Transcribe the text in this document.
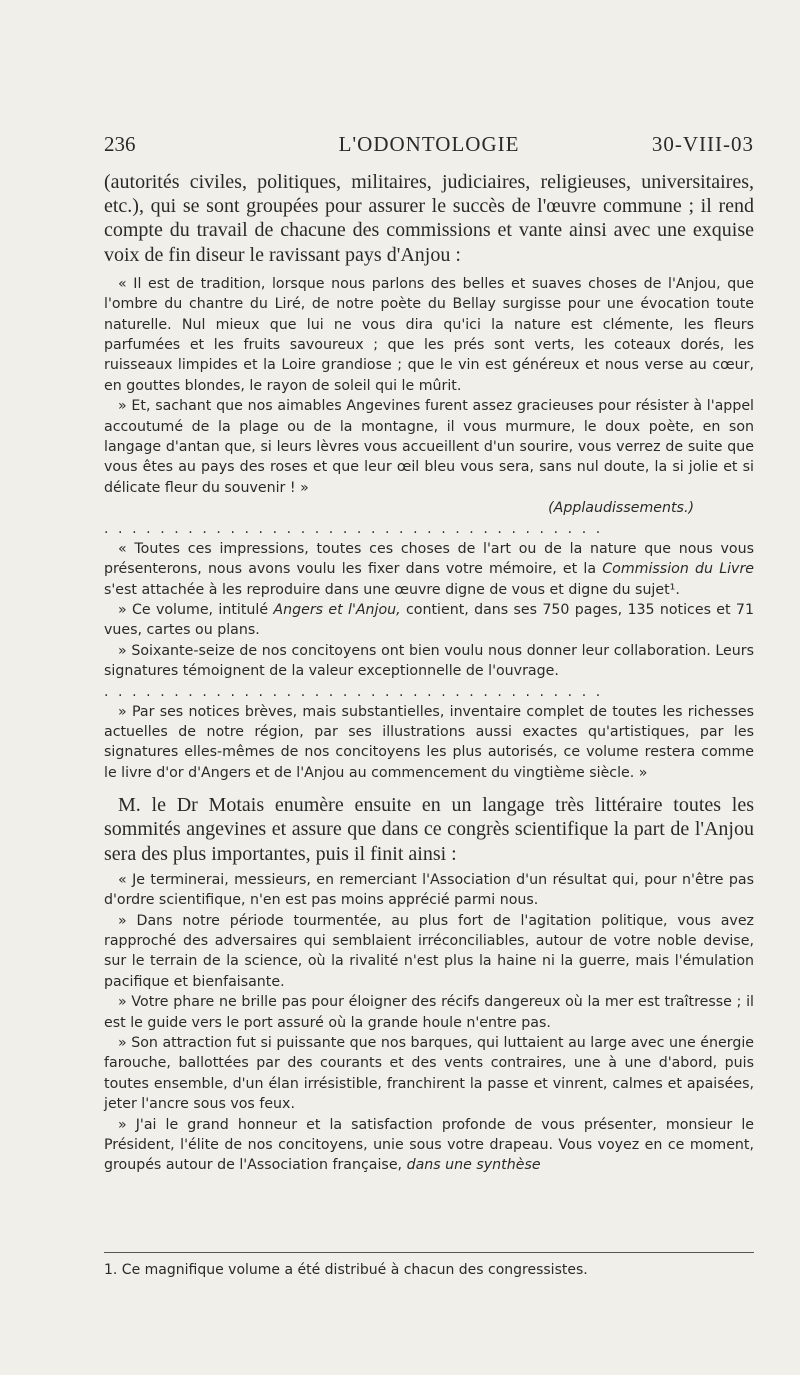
236	L'ODONTOLOGIE	30-VIII-03

(autorités civiles, politiques, militaires, judiciaires, religieuses, universitaires, etc.), qui se sont groupées pour assurer le succès de l'œuvre commune ; il rend compte du travail de chacune des commissions et vante ainsi avec une exquise voix de fin diseur le ravissant pays d'Anjou :

« Il est de tradition, lorsque nous parlons des belles et suaves choses de l'Anjou, que l'ombre du chantre du Liré, de notre poète du Bellay surgisse pour une évocation toute naturelle. Nul mieux que lui ne vous dira qu'ici la nature est clémente, les fleurs parfumées et les fruits savoureux ; que les prés sont verts, les coteaux dorés, les ruisseaux limpides et la Loire grandiose ; que le vin est généreux et nous verse au cœur, en gouttes blondes, le rayon de soleil qui le mûrit.

» Et, sachant que nos aimables Angevines furent assez gracieuses pour résister à l'appel accoutumé de la plage ou de la montagne, il vous murmure, le doux poète, en son langage d'antan que, si leurs lèvres vous accueillent d'un sourire, vous verrez de suite que vous êtes au pays des roses et que leur œil bleu vous sera, sans nul doute, la si jolie et si délicate fleur du souvenir ! »

(Applaudissements.)

....................................

« Toutes ces impressions, toutes ces choses de l'art ou de la nature que nous vous présenterons, nous avons voulu les fixer dans votre mémoire, et la Commission du Livre s'est attachée à les reproduire dans une œuvre digne de vous et digne du sujet¹.

» Ce volume, intitulé Angers et l'Anjou, contient, dans ses 750 pages, 135 notices et 71 vues, cartes ou plans.

» Soixante-seize de nos concitoyens ont bien voulu nous donner leur collaboration. Leurs signatures témoignent de la valeur exceptionnelle de l'ouvrage.

....................................

» Par ses notices brèves, mais substantielles, inventaire complet de toutes les richesses actuelles de notre région, par ses illustrations aussi exactes qu'artistiques, par les signatures elles-mêmes de nos concitoyens les plus autorisés, ce volume restera comme le livre d'or d'Angers et de l'Anjou au commencement du vingtième siècle. »

M. le Dr Motais enumère ensuite en un langage très littéraire toutes les sommités angevines et assure que dans ce congrès scientifique la part de l'Anjou sera des plus importantes, puis il finit ainsi :

« Je terminerai, messieurs, en remerciant l'Association d'un résultat qui, pour n'être pas d'ordre scientifique, n'en est pas moins apprécié parmi nous.

» Dans notre période tourmentée, au plus fort de l'agitation politique, vous avez rapproché des adversaires qui semblaient irréconciliables, autour de votre noble devise, sur le terrain de la science, où la rivalité n'est plus la haine ni la guerre, mais l'émulation pacifique et bienfaisante.

» Votre phare ne brille pas pour éloigner des récifs dangereux où la mer est traîtresse ; il est le guide vers le port assuré où la grande houle n'entre pas.

» Son attraction fut si puissante que nos barques, qui luttaient au large avec une énergie farouche, ballottées par des courants et des vents contraires, une à une d'abord, puis toutes ensemble, d'un élan irrésistible, franchirent la passe et vinrent, calmes et apaisées, jeter l'ancre sous vos feux.

» J'ai le grand honneur et la satisfaction profonde de vous présenter, monsieur le Président, l'élite de nos concitoyens, unie sous votre drapeau. Vous voyez en ce moment, groupés autour de l'Association française, dans une synthèse

1. Ce magnifique volume a été distribué à chacun des congressistes.
